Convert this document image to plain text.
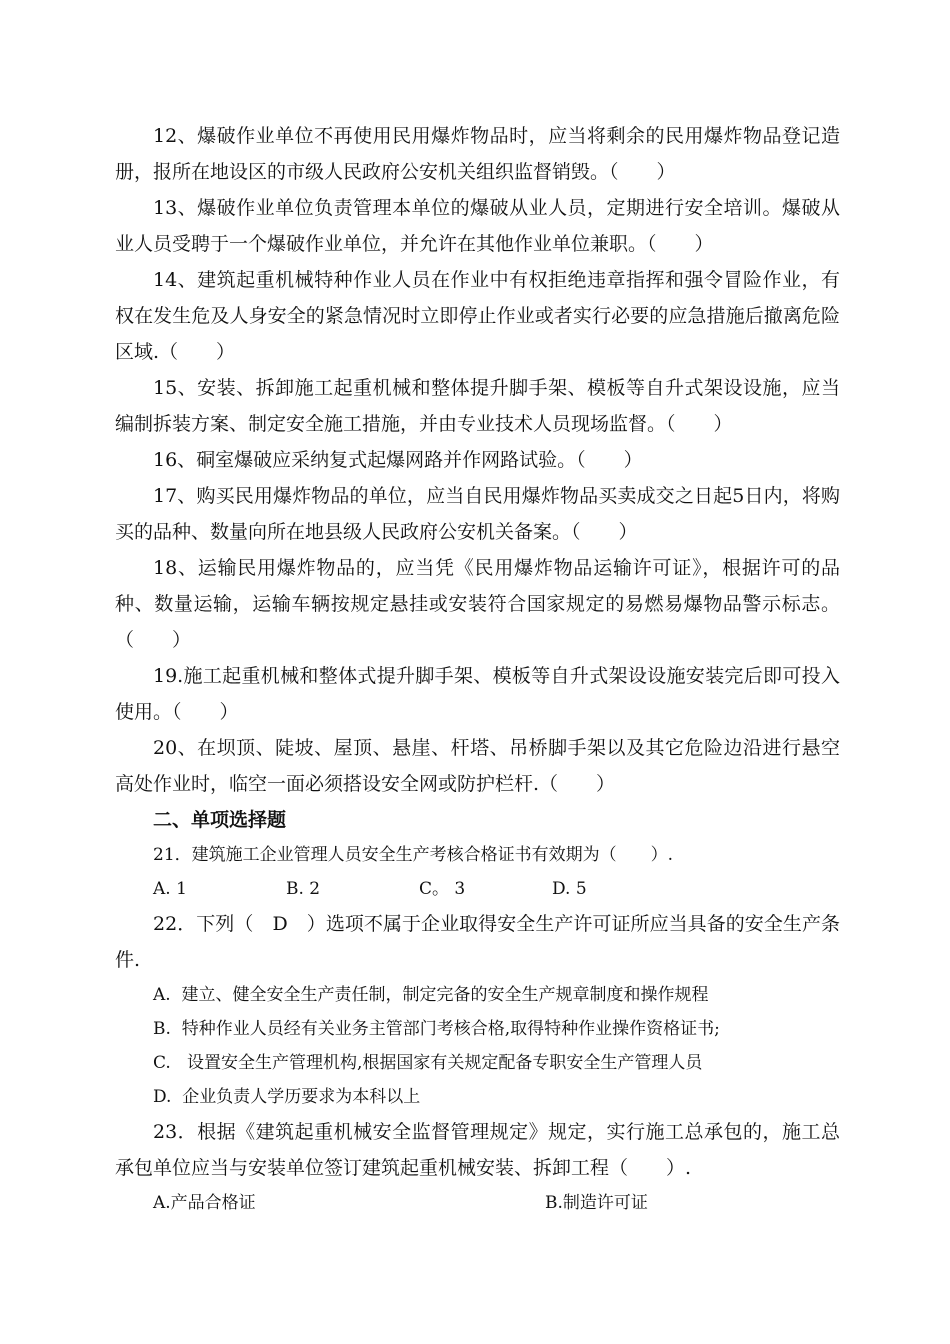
12、爆破作业单位不再使用民用爆炸物品时，应当将剩余的民用爆炸物品登记造册，报所在地设区的市级人民政府公安机关组织监督销毁。（　　）

13、爆破作业单位负责管理本单位的爆破从业人员，定期进行安全培训。爆破从业人员受聘于一个爆破作业单位，并允许在其他作业单位兼职。（　　）

14、建筑起重机械特种作业人员在作业中有权拒绝违章指挥和强令冒险作业，有权在发生危及人身安全的紧急情况时立即停止作业或者实行必要的应急措施后撤离危险区域.（　　）

15、安装、拆卸施工起重机械和整体提升脚手架、模板等自升式架设设施，应当编制拆装方案、制定安全施工措施，并由专业技术人员现场监督。（　　）

16、硐室爆破应采纳复式起爆网路并作网路试验。（　　）

17、购买民用爆炸物品的单位，应当自民用爆炸物品买卖成交之日起5日内，将购买的品种、数量向所在地县级人民政府公安机关备案。（　　）

18、运输民用爆炸物品的，应当凭《民用爆炸物品运输许可证》，根据许可的品种、数量运输，运输车辆按规定悬挂或安装符合国家规定的易燃易爆物品警示标志。（　　）

19.施工起重机械和整体式提升脚手架、模板等自升式架设设施安装完后即可投入使用。（　　）

20、在坝顶、陡坡、屋顶、悬崖、杆塔、吊桥脚手架以及其它危险边沿进行悬空高处作业时，临空一面必须搭设安全网或防护栏杆.（　　）

二、单项选择题

21．建筑施工企业管理人员安全生产考核合格证书有效期为（　　）.

A. 1	B. 2	C。 3	D. 5

22．下列（　D　）选项不属于企业取得安全生产许可证所应当具备的安全生产条件.

A.  建立、健全安全生产责任制，制定完备的安全生产规章制度和操作规程

B.  特种作业人员经有关业务主管部门考核合格,取得特种作业操作资格证书;

C.   设置安全生产管理机构,根据国家有关规定配备专职安全生产管理人员

D.  企业负责人学历要求为本科以上

23．根据《建筑起重机械安全监督管理规定》规定，实行施工总承包的，施工总承包单位应当与安装单位签订建筑起重机械安装、拆卸工程（　　）.

A.产品合格证	B.制造许可证
